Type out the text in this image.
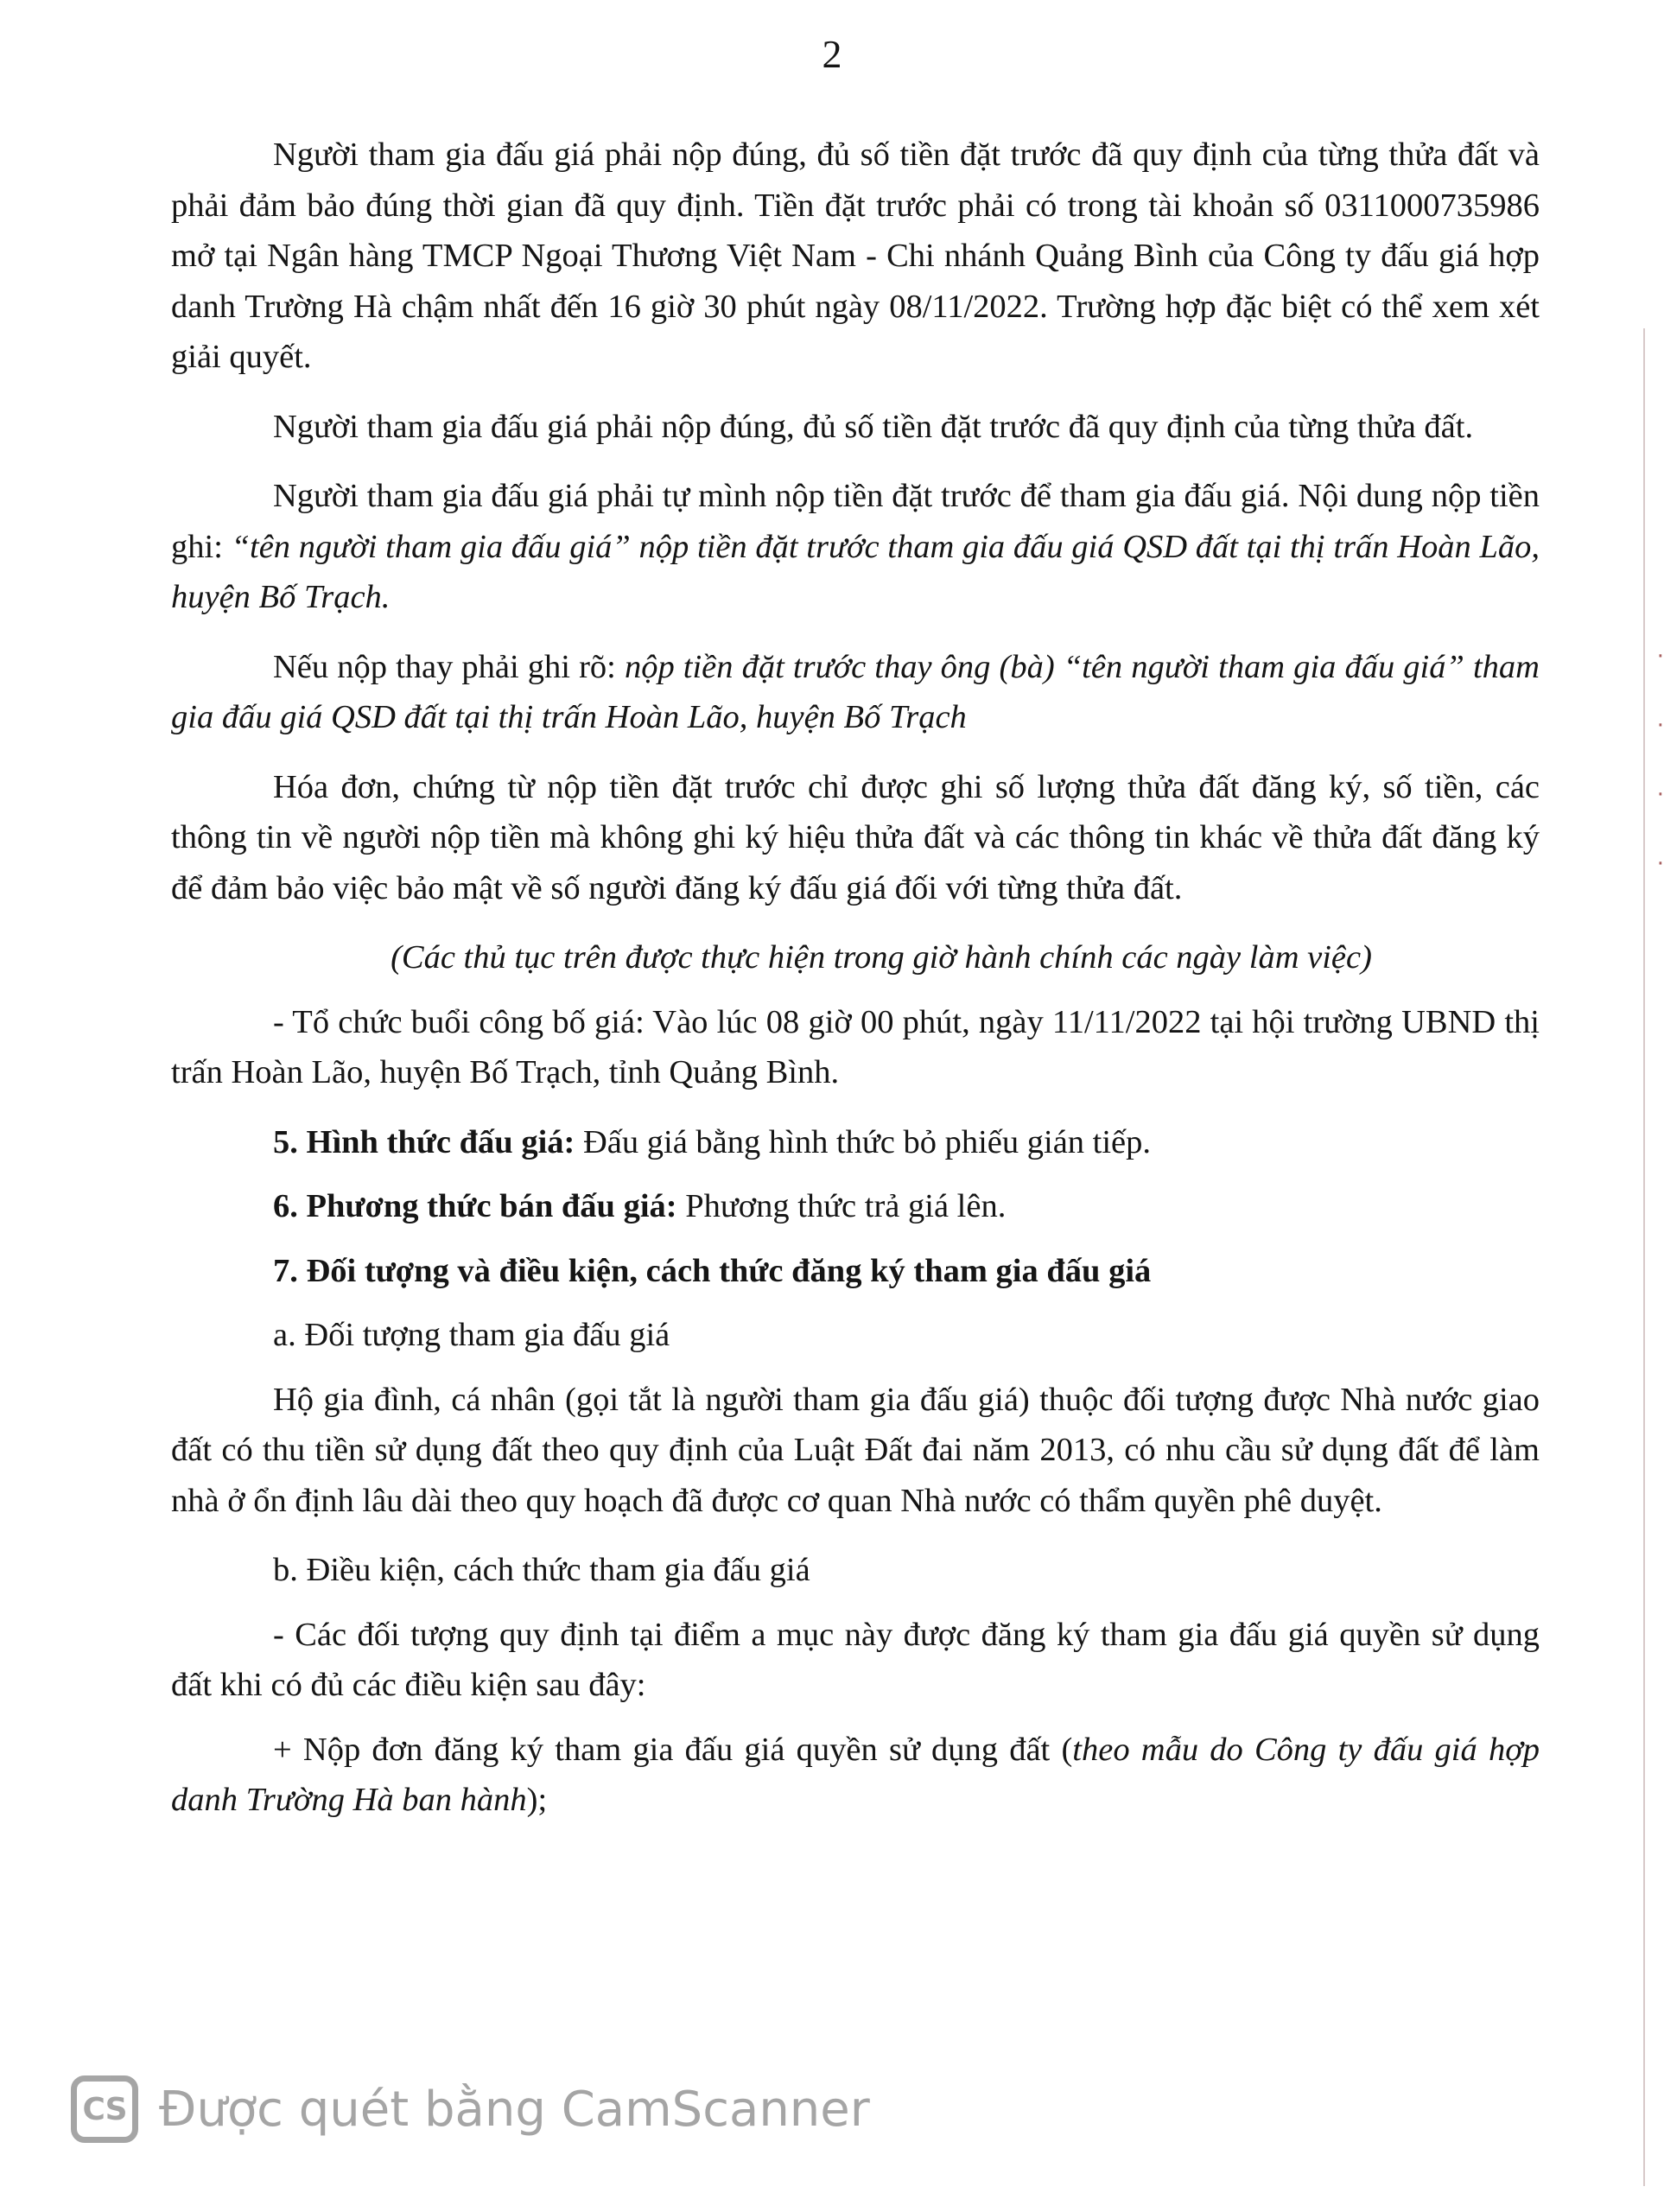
2

Người tham gia đấu giá phải nộp đúng, đủ số tiền đặt trước đã quy định của từng thửa đất và phải đảm bảo đúng thời gian đã quy định. Tiền đặt trước phải có trong tài khoản số 0311000735986 mở tại Ngân hàng TMCP Ngoại Thương Việt Nam - Chi nhánh Quảng Bình của Công ty đấu giá hợp danh Trường Hà chậm nhất đến 16 giờ 30 phút ngày 08/11/2022. Trường hợp đặc biệt có thể xem xét giải quyết.

Người tham gia đấu giá phải nộp đúng, đủ số tiền đặt trước đã quy định của từng thửa đất.

Người tham gia đấu giá phải tự mình nộp tiền đặt trước để tham gia đấu giá. Nội dung nộp tiền ghi: “tên người tham gia đấu giá” nộp tiền đặt trước tham gia đấu giá QSD đất tại thị trấn Hoàn Lão, huyện Bố Trạch.

Nếu nộp thay phải ghi rõ: nộp tiền đặt trước thay ông (bà) “tên người tham gia đấu giá” tham gia đấu giá QSD đất tại thị trấn Hoàn Lão, huyện Bố Trạch

Hóa đơn, chứng từ nộp tiền đặt trước chỉ được ghi số lượng thửa đất đăng ký, số tiền, các thông tin về người nộp tiền mà không ghi ký hiệu thửa đất và các thông tin khác về thửa đất đăng ký để đảm bảo việc bảo mật về số người đăng ký đấu giá đối với từng thửa đất.

(Các thủ tục trên được thực hiện trong giờ hành chính các ngày làm việc)

- Tổ chức buổi công bố giá: Vào lúc 08 giờ 00 phút, ngày 11/11/2022 tại hội trường UBND thị trấn Hoàn Lão, huyện Bố Trạch, tỉnh Quảng Bình.

5. Hình thức đấu giá: Đấu giá bằng hình thức bỏ phiếu gián tiếp.

6. Phương thức bán đấu giá: Phương thức trả giá lên.

7. Đối tượng và điều kiện, cách thức đăng ký tham gia đấu giá

a. Đối tượng tham gia đấu giá

Hộ gia đình, cá nhân (gọi tắt là người tham gia đấu giá) thuộc đối tượng được Nhà nước giao đất có thu tiền sử dụng đất theo quy định của Luật Đất đai năm 2013, có nhu cầu sử dụng đất để làm nhà ở ổn định lâu dài theo quy hoạch đã được cơ quan Nhà nước có thẩm quyền phê duyệt.

b. Điều kiện, cách thức tham gia đấu giá

- Các đối tượng quy định tại điểm a mục này được đăng ký tham gia đấu giá quyền sử dụng đất khi có đủ các điều kiện sau đây:

+ Nộp đơn đăng ký tham gia đấu giá quyền sử dụng đất (theo mẫu do Công ty đấu giá hợp danh Trường Hà ban hành);

·
·
·
·
CS Được quét bằng CamScanner
